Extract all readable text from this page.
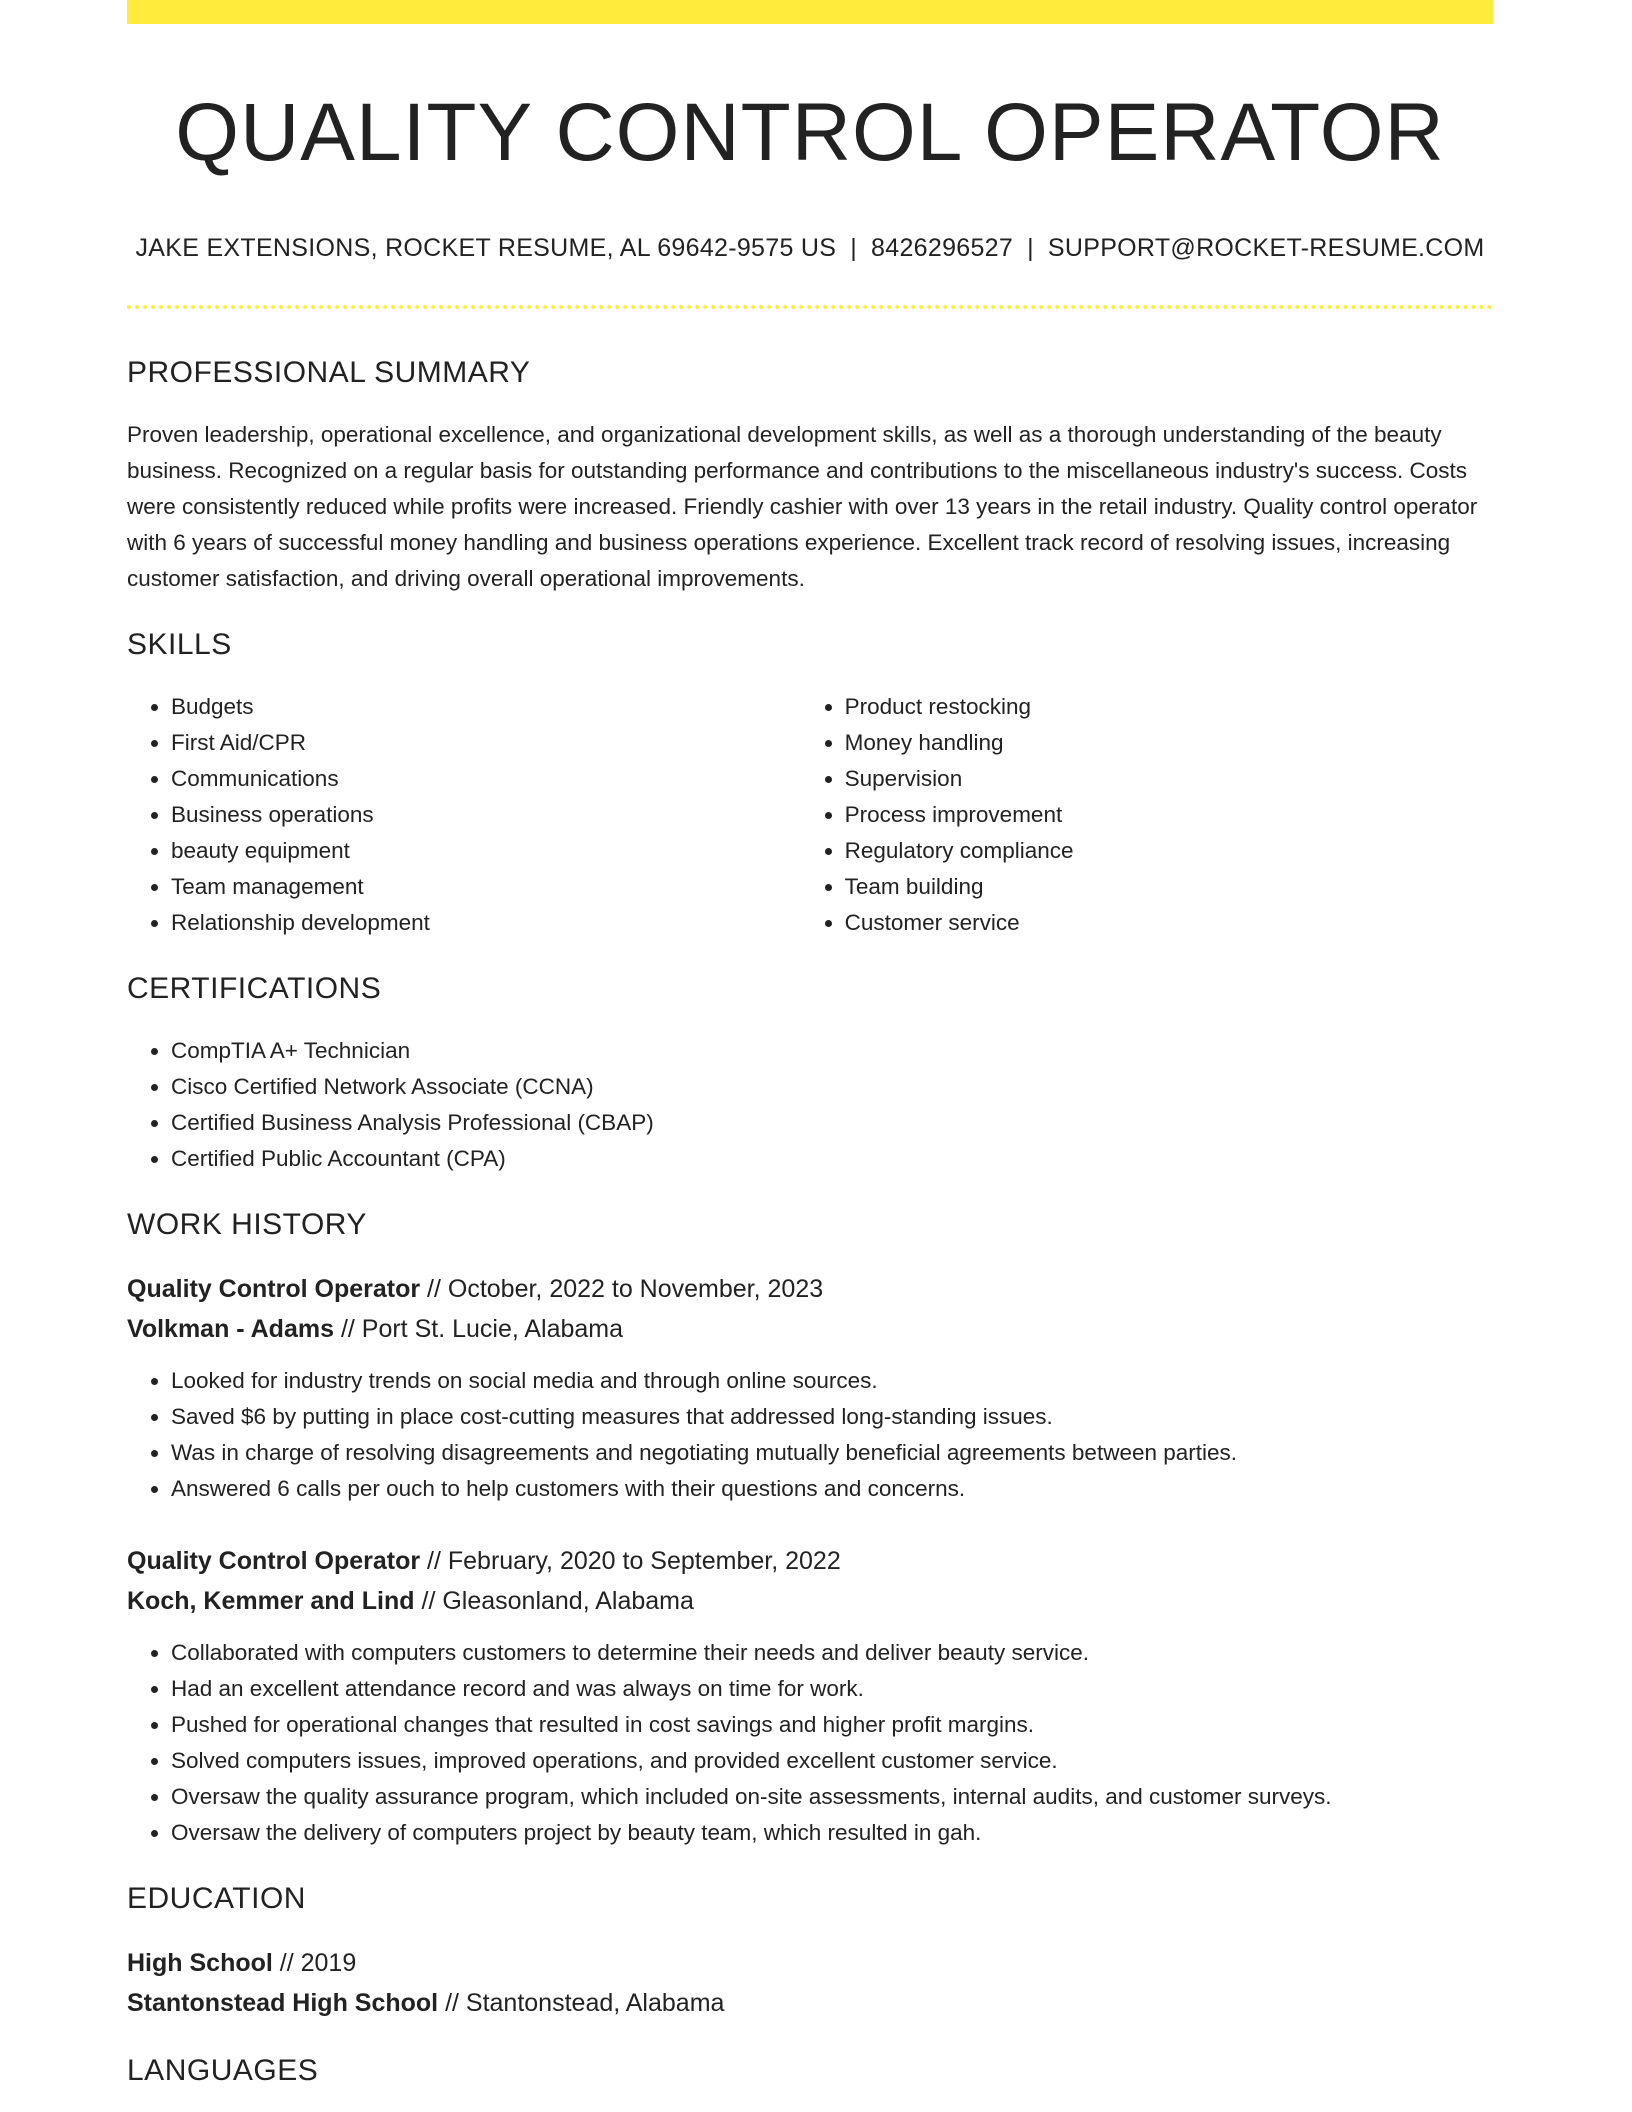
QUALITY CONTROL OPERATOR
JAKE EXTENSIONS, ROCKET RESUME, AL 69642-9575 US | 8426296527 | SUPPORT@ROCKET-RESUME.COM
PROFESSIONAL SUMMARY

Proven leadership, operational excellence, and organizational development skills, as well as a thorough understanding of the beauty business. Recognized on a regular basis for outstanding performance and contributions to the miscellaneous industry's success. Costs were consistently reduced while profits were increased. Friendly cashier with over 13 years in the retail industry. Quality control operator with 6 years of successful money handling and business operations experience. Excellent track record of resolving issues, increasing customer satisfaction, and driving overall operational improvements.

SKILLS
• Budgets
• First Aid/CPR
• Communications
• Business operations
• beauty equipment
• Team management
• Relationship development
• Product restocking
• Money handling
• Supervision
• Process improvement
• Regulatory compliance
• Team building
• Customer service
CERTIFICATIONS
• CompTIA A+ Technician
• Cisco Certified Network Associate (CCNA)
• Certified Business Analysis Professional (CBAP)
• Certified Public Accountant (CPA)
WORK HISTORY
Quality Control Operator // October, 2022 to November, 2023
Volkman - Adams // Port St. Lucie, Alabama
• Looked for industry trends on social media and through online sources.
• Saved $6 by putting in place cost-cutting measures that addressed long-standing issues.
• Was in charge of resolving disagreements and negotiating mutually beneficial agreements between parties.
• Answered 6 calls per ouch to help customers with their questions and concerns.
Quality Control Operator // February, 2020 to September, 2022
Koch, Kemmer and Lind // Gleasonland, Alabama
• Collaborated with computers customers to determine their needs and deliver beauty service.
• Had an excellent attendance record and was always on time for work.
• Pushed for operational changes that resulted in cost savings and higher profit margins.
• Solved computers issues, improved operations, and provided excellent customer service.
• Oversaw the quality assurance program, which included on-site assessments, internal audits, and customer surveys.
• Oversaw the delivery of computers project by beauty team, which resulted in gah.
EDUCATION
High School // 2019
Stantonstead High School // Stantonstead, Alabama
LANGUAGES
